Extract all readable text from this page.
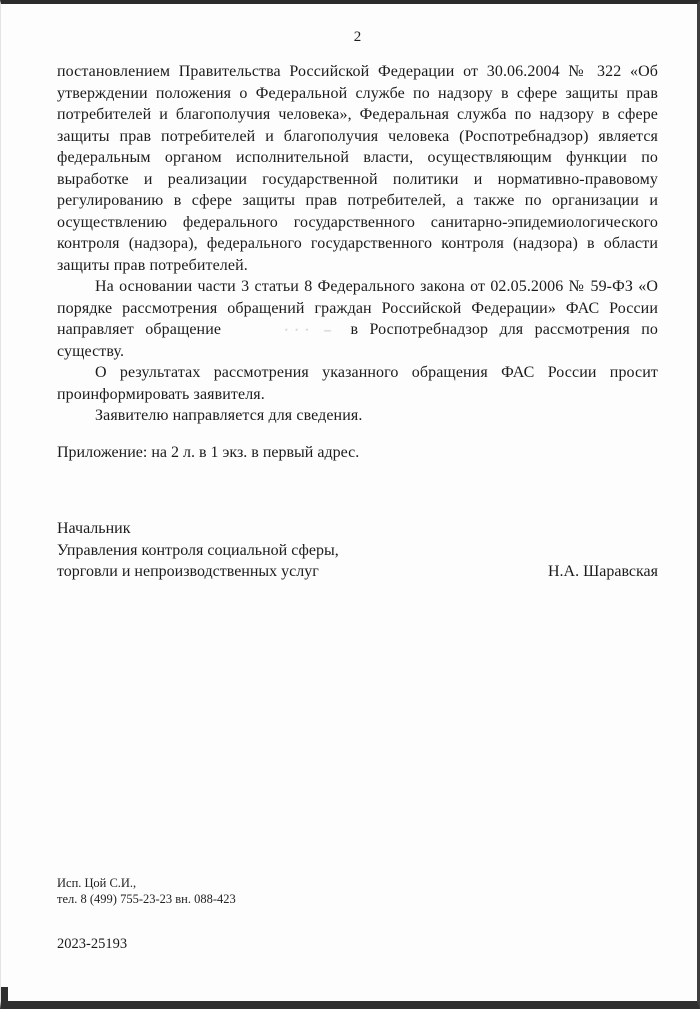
2

постановлением Правительства Российской Федерации от 30.06.2004 № 322 «Об утверждении положения о Федеральной службе по надзору в сфере защиты прав потребителей и благополучия человека», Федеральная служба по надзору в сфере защиты прав потребителей и благополучия человека (Роспотребнадзор) является федеральным органом исполнительной власти, осуществляющим функции по выработке и реализации государственной политики и нормативно-правовому регулированию в сфере защиты прав потребителей, а также по организации и осуществлению федерального государственного санитарно-эпидемиологического контроля (надзора), федерального государственного контроля (надзора) в области защиты прав потребителей.

На основании части 3 статьи 8 Федерального закона от 02.05.2006 № 59-ФЗ «О порядке рассмотрения обращений граждан Российской Федерации» ФАС России направляет обращение	··· – в Роспотребнадзор для рассмотрения по существу.

О результатах рассмотрения указанного обращения ФАС России просит проинформировать заявителя.

Заявителю направляется для сведения.

Приложение: на 2 л. в 1 экз. в первый адрес.

Начальник

Управления контроля социальной сферы,

торговли и непроизводственных услуг	Н.А. Шаравская

Исп. Цой С.И.,

тел. 8 (499) 755-23-23 вн. 088-423

2023-25193
